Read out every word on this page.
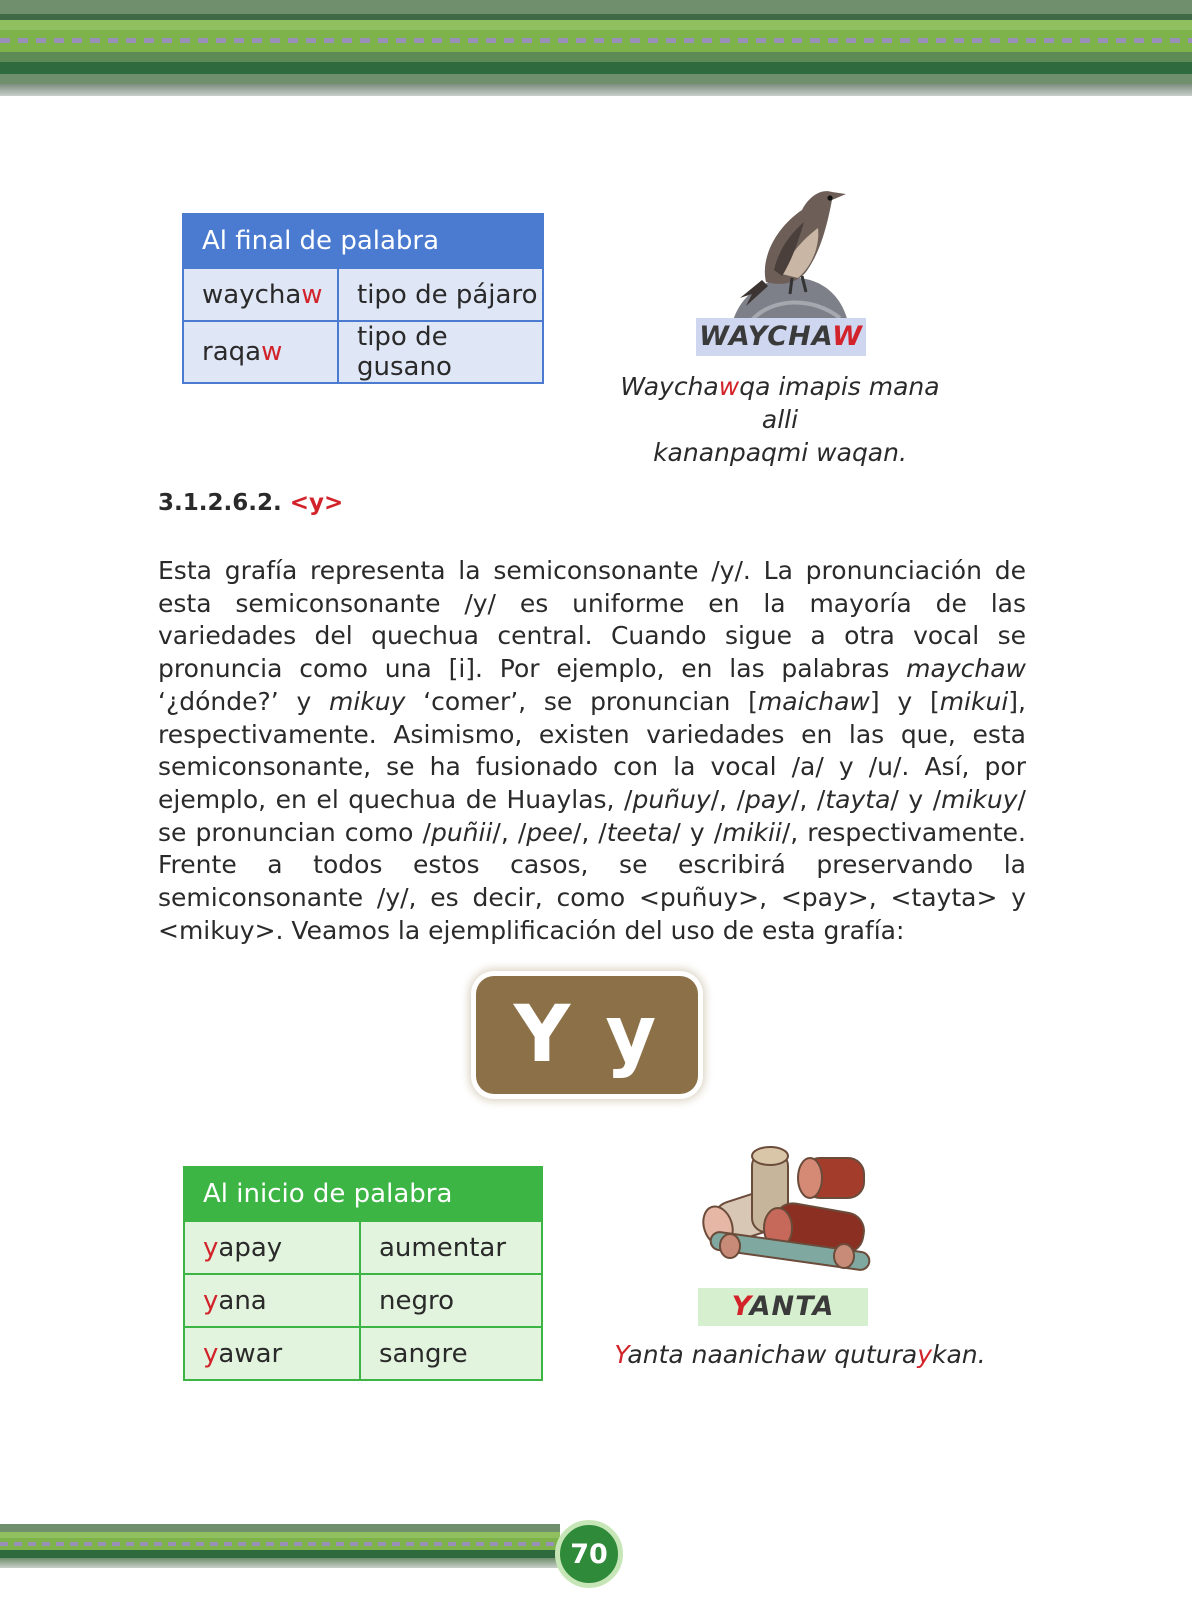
Al final de palabra	
waychaw	tipo de pájaro
raqaw	tipo de gusano
WAYCHAW
Waychawqa imapis mana alli
kananpaqmi waqan.
3.1.2.6.2. <y>
Esta grafía representa la semiconsonante /y/. La pronunciación de esta semiconsonante /y/ es uniforme en la mayoría de las variedades del quechua central. Cuando sigue a otra vocal se pronuncia como una [i]. Por ejemplo, en las palabras maychaw ‘¿dónde?’ y mikuy ‘comer’, se pronuncian [maichaw] y [mikui], respectivamente. Asimismo, existen variedades en las que, esta semiconsonante, se ha fusionado con la vocal /a/ y /u/. Así, por ejemplo, en el quechua de Huaylas, /puñuy/, /pay/, /tayta/ y /mikuy/ se pronuncian como /puñii/, /pee/, /teeta/ y /mikii/, respectivamente. Frente a todos estos casos, se escribirá preservando la semiconsonante /y/, es decir, como <puñuy>, <pay>, <tayta> y <mikuy>. Veamos la ejemplificación del uso de esta grafía:
Y y
Al inicio de palabra	
yapay	aumentar
yana	negro
yawar	sangre
YANTA
Yanta naanichaw quturaykan.
70
